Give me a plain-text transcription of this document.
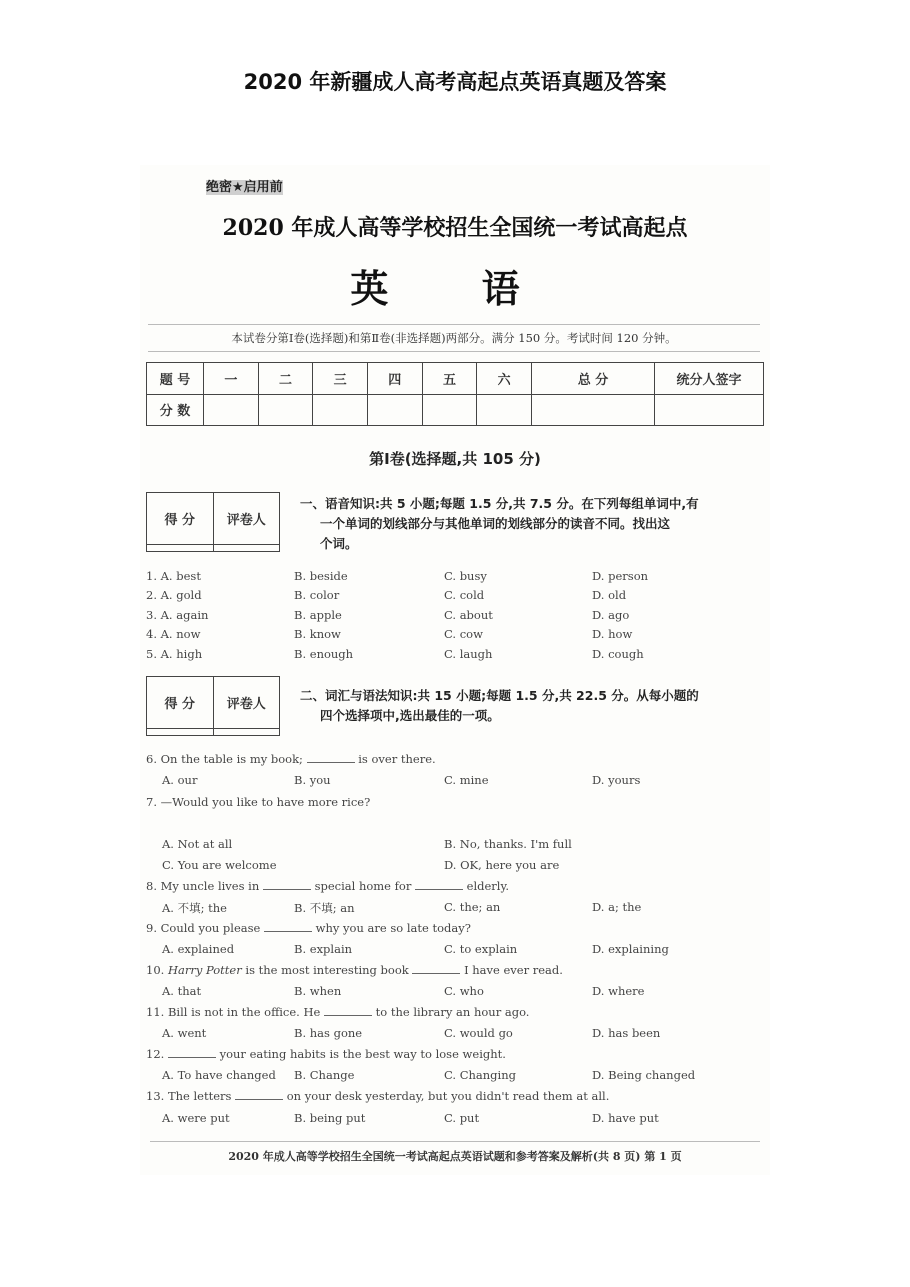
2020 年新疆成人高考高起点英语真题及答案
绝密★启用前
2020 年成人高等学校招生全国统一考试高起点
英 语
本试卷分第Ⅰ卷(选择题)和第Ⅱ卷(非选择题)两部分。满分 150 分。考试时间 120 分钟。
题 号	一	二	三	四	五	六	总 分	统分人签字
分 数								
第Ⅰ卷(选择题,共 105 分)
得 分	评卷人

一、语音知识:共 5 小题;每题 1.5 分,共 7.5 分。在下列每组单词中,有
一个单词的划线部分与其他单词的划线部分的读音不同。找出这
个词。
1. A. best	B. beside	C. busy	D. person
2. A. gold	B. color	C. cold	D. old
3. A. again	B. apple	C. about	D. ago
4. A. now	B. know	C. cow	D. how
5. A. high	B. enough	C. laugh	D. cough
得 分	评卷人

二、词汇与语法知识:共 15 小题;每题 1.5 分,共 22.5 分。从每小题的
四个选择项中,选出最佳的一项。
6. On the table is my book;	is over there.
A. our	B. you	C. mine	D. yours
7. —Would you like to have more rice?
A. Not at all	B. No, thanks. I'm full
C. You are welcome	D. OK, here you are
8. My uncle lives in	special home for	elderly.
A. 不填; the	B. 不填; an	C. the; an	D. a; the
9. Could you please	why you are so late today?
A. explained	B. explain	C. to explain	D. explaining
10. Harry Potter is the most interesting book	I have ever read.
A. that	B. when	C. who	D. where
11. Bill is not in the office. He	to the library an hour ago.
A. went	B. has gone	C. would go	D. has been
12.	your eating habits is the best way to lose weight.
A. To have changed B. Change	C. Changing	D. Being changed
13. The letters	on your desk yesterday, but you didn't read them at all.
A. were put	B. being put	C. put	D. have put
2020 年成人高等学校招生全国统一考试高起点英语试题和参考答案及解析(共 8 页) 第 1 页
